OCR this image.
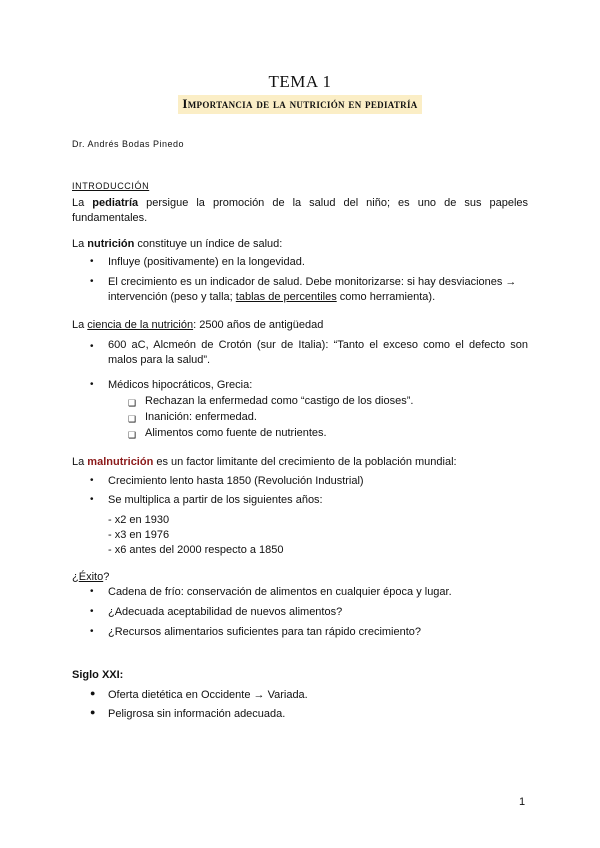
TEMA 1
Importancia de la nutrición en pediatría
Dr. Andrés Bodas Pinedo
INTRODUCCIÓN
La pediatría persigue la promoción de la salud del niño; es uno de sus papeles fundamentales.
La nutrición constituye un índice de salud:
•	Influye (positivamente) en la longevidad.
•	El crecimiento es un indicador de salud. Debe monitorizarse: si hay desviaciones → intervención (peso y talla; tablas de percentiles como herramienta).
La ciencia de la nutrición: 2500 años de antigüedad
•	600 aC, Alcmeón de Crotón (sur de Italia): “Tanto el exceso como el defecto son malos para la salud”.
•	Médicos hipocráticos, Grecia:
❑ Rechazan la enfermedad como “castigo de los dioses”.
❑ Inanición: enfermedad.
❑ Alimentos como fuente de nutrientes.
La malnutrición es un factor limitante del crecimiento de la población mundial:
•	Crecimiento lento hasta 1850 (Revolución Industrial)
•	Se multiplica a partir de los siguientes años:
- x2 en 1930
- x3 en 1976
- x6 antes del 2000 respecto a 1850
¿Éxito?
•	Cadena de frío: conservación de alimentos en cualquier época y lugar.
•	¿Adecuada aceptabilidad de nuevos alimentos?
•	¿Recursos alimentarios suficientes para tan rápido crecimiento?
Siglo XXI:
●	Oferta dietética en Occidente → Variada.
●	Peligrosa sin información adecuada.
1
